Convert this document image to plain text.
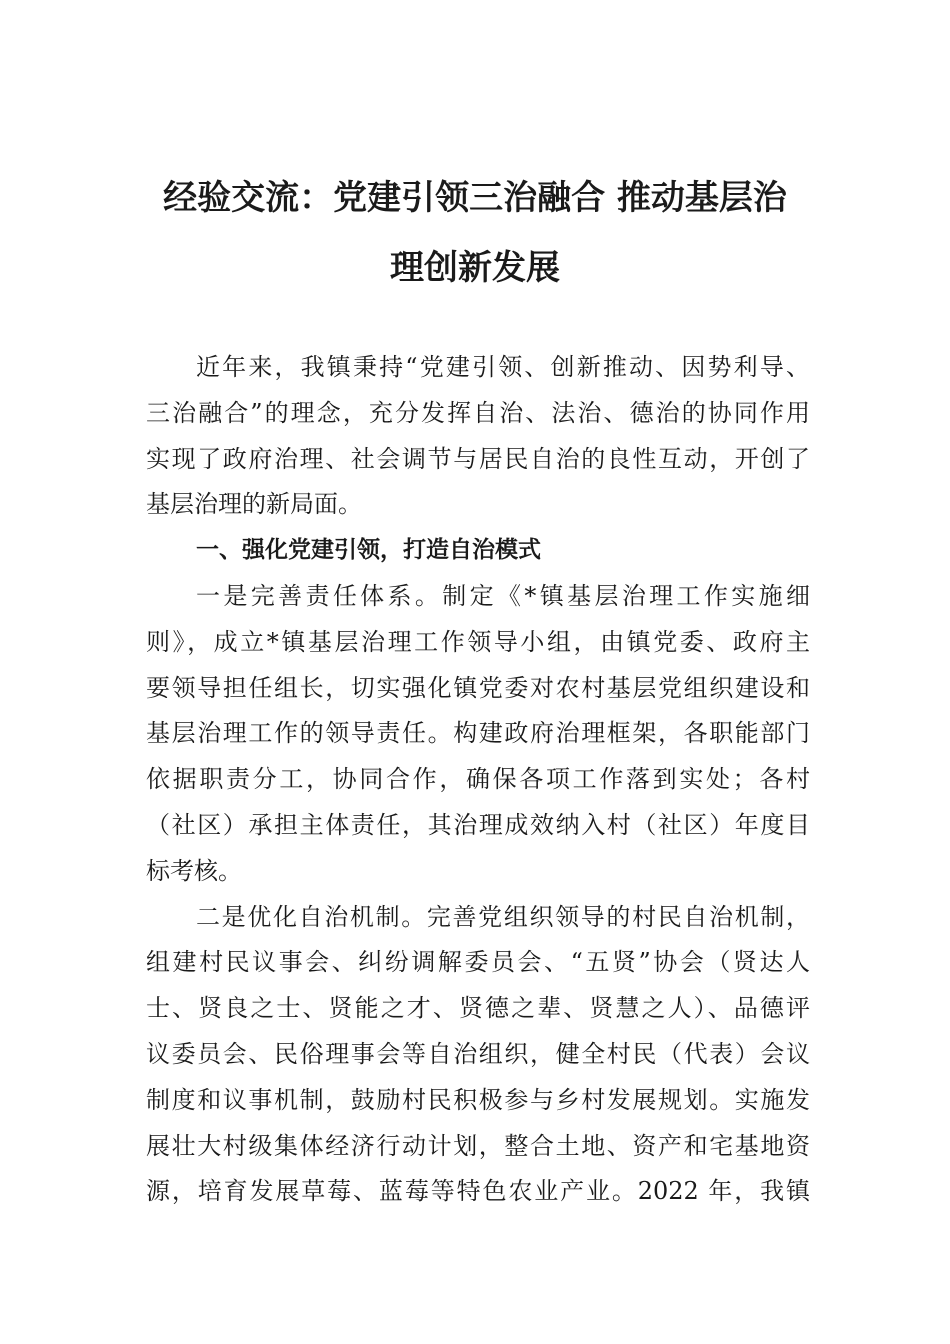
经验交流：党建引领三治融合 推动基层治
理创新发展
近年来，我镇秉持“党建引领、创新推动、因势利导、
三治融合”的理念，充分发挥自治、法治、德治的协同作用
实现了政府治理、社会调节与居民自治的良性互动，开创了
基层治理的新局面。
一、强化党建引领，打造自治模式
一是完善责任体系。制定《*镇基层治理工作实施细
则》，成立*镇基层治理工作领导小组，由镇党委、政府主
要领导担任组长，切实强化镇党委对农村基层党组织建设和
基层治理工作的领导责任。构建政府治理框架，各职能部门
依据职责分工，协同合作，确保各项工作落到实处；各村
（社区）承担主体责任，其治理成效纳入村（社区）年度目
标考核。
二是优化自治机制。完善党组织领导的村民自治机制，
组建村民议事会、纠纷调解委员会、“五贤”协会（贤达人
士、贤良之士、贤能之才、贤德之辈、贤慧之人）、品德评
议委员会、民俗理事会等自治组织，健全村民（代表）会议
制度和议事机制，鼓励村民积极参与乡村发展规划。实施发
展壮大村级集体经济行动计划，整合土地、资产和宅基地资
源，培育发展草莓、蓝莓等特色农业产业。2022 年，我镇
